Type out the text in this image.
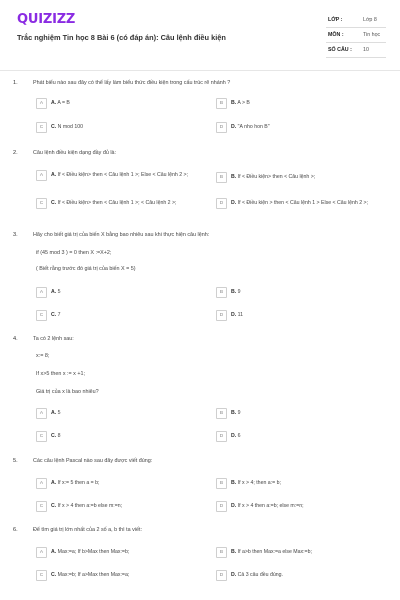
QUIZIZZ
Trắc nghiệm Tin học 8 Bài 6 (có đáp án): Câu lệnh điều kiện
LỚP :	Lớp 8
MÔN :	Tin học
SỐ CÂU : 10
1.	Phát biểu nào sau đây có thể lấy làm biểu thức điều kiện trong cấu trúc rẽ nhánh ?
A	A. A = B	B	B. A > B
C	C. N mod 100	D	D. "A nho hon B"
2.	Câu lệnh điều kiện dạng đầy đủ là:
A	A. If < Điều kiện> then < Câu lệnh 1 >; Else < Câu lệnh 2 >;	B	B. If < Điều kiện> then < Câu lệnh >;
C	C. If < Điều kiện> then < Câu lệnh 1 >; < Câu lệnh 2 >;	D	D. If < Điều kiện > then < Câu lệnh 1 > Else < Câu lệnh 2 >;
3.	Hãy cho biết giá trị của biến X bằng bao nhiêu sau khi thực hiện câu lệnh:
if (45 mod 3 ) = 0 then X :=X+2;
( Biết rằng trước đó giá trị của biến X = 5)
A	A. 5	B	B. 9
C	C. 7	D	D. 11
4.	Ta có 2 lệnh sau:
x:= 8;
If x>5 then x := x +1;
Giá trị của x là bao nhiêu?
A	A. 5	B	B. 9
C	C. 8	D	D. 6
5.	Các câu lệnh Pascal nào sau đây được viết đúng:
A	A. If x:= 5 then a = b;	B	B. If x > 4; then a:= b;
C	C. If x > 4 then a:=b else m:=n;	D	D. If x > 4 then a:=b; else m:=n;
6.	Để tìm giá trị lớn nhất của 2 số a, b thì ta viết:
A	A. Max:=a; If b>Max then Max:=b;	B	B. If a>b then Max:=a else Max:=b;
C	C. Max:=b; If a>Max then Max:=a;	D	D. Cả 3 câu đều đúng.
